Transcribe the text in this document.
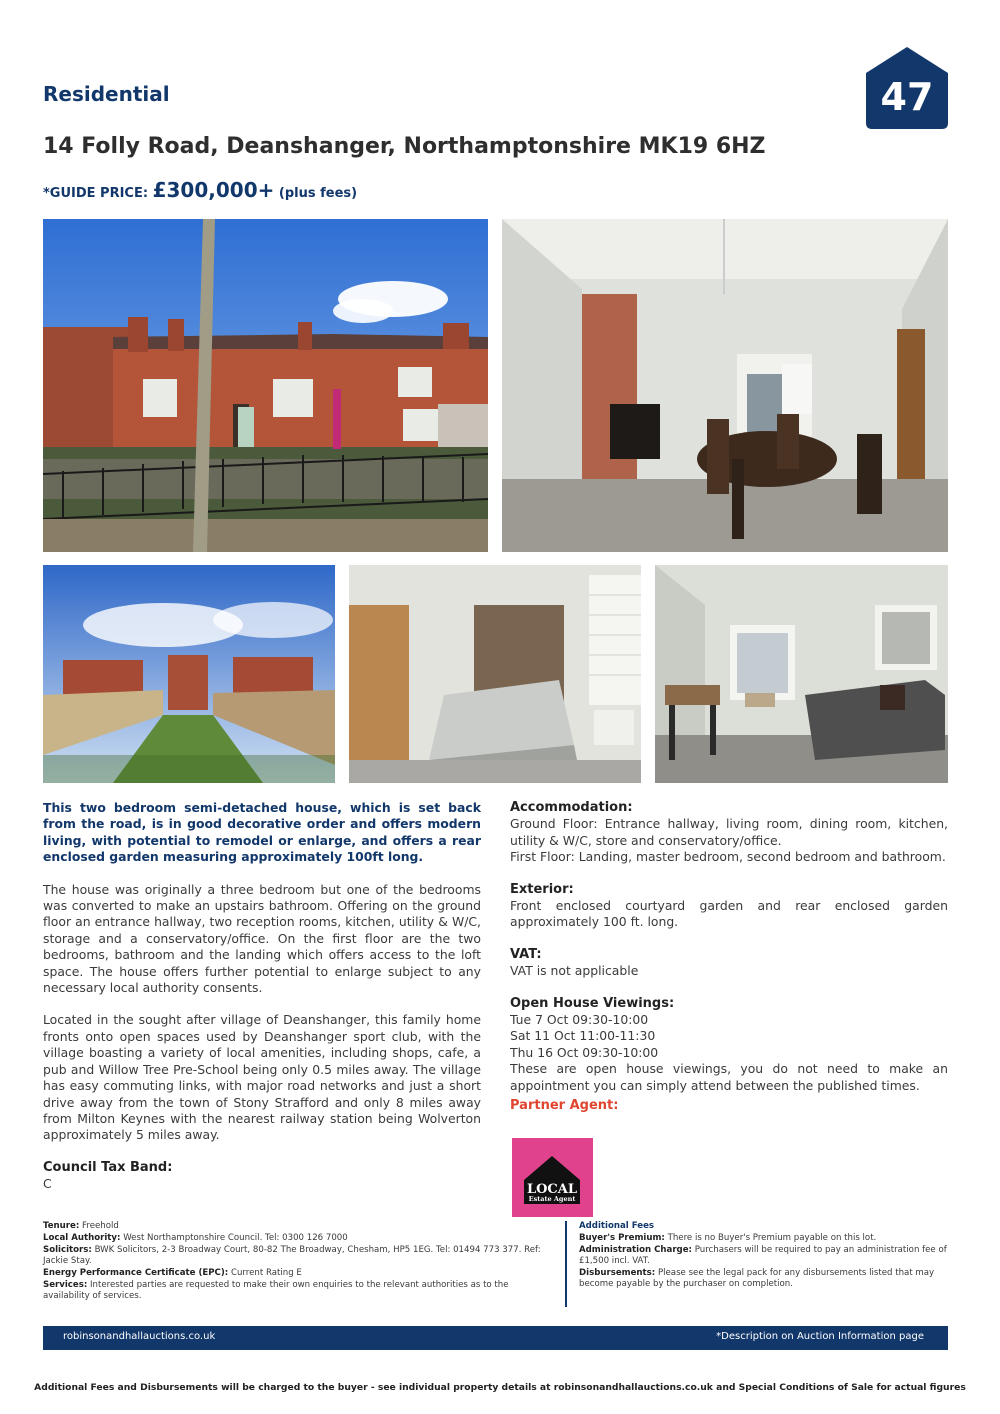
Residential	47
14 Folly Road, Deanshanger, Northamptonshire MK19 6HZ
*GUIDE PRICE: £300,000+ (plus fees)

This two bedroom semi-detached house, which is set back from the road, is in good decorative order and offers modern living, with potential to remodel or enlarge, and offers a rear enclosed garden measuring approximately 100ft long.

The house was originally a three bedroom but one of the bedrooms was converted to make an upstairs bathroom. Offering on the ground floor an entrance hallway, two reception rooms, kitchen, utility & W/C, storage and a conservatory/office. On the first floor are the two bedrooms, bathroom and the landing which offers access to the loft space. The house offers further potential to enlarge subject to any necessary local authority consents.

Located in the sought after village of Deanshanger, this family home fronts onto open spaces used by Deanshanger sport club, with the village boasting a variety of local amenities, including shops, cafe, a pub and Willow Tree Pre-School being only 0.5 miles away. The village has easy commuting links, with major road networks and just a short drive away from the town of Stony Strafford and only 8 miles away from Milton Keynes with the nearest railway station being Wolverton approximately 5 miles away.

Council Tax Band:
C
Accommodation:

Ground Floor: Entrance hallway, living room, dining room, kitchen, utility & W/C, store and conservatory/office.

First Floor: Landing, master bedroom, second bedroom and bathroom.

Exterior:

Front enclosed courtyard garden and rear enclosed garden approximately 100 ft. long.

VAT:

VAT is not applicable

Open House Viewings:
Tue 7 Oct 09:30-10:00
Sat 11 Oct 11:00-11:30
Thu 16 Oct 09:30-10:00

These are open house viewings, you do not need to make an appointment you can simply attend between the published times.

Partner Agent:
LOCAL
Estate Agent

Tenure: Freehold

Local Authority: West Northamptonshire Council. Tel: 0300 126 7000

Solicitors: BWK Solicitors, 2-3 Broadway Court, 80-82 The Broadway, Chesham, HP5 1EG. Tel: 01494 773 377. Ref: Jackie Stay.

Energy Performance Certificate (EPC): Current Rating E

Services: Interested parties are requested to make their own enquiries to the relevant authorities as to the availability of services.

Additional Fees

Buyer's Premium: There is no Buyer's Premium payable on this lot.

Administration Charge: Purchasers will be required to pay an administration fee of £1,500 incl. VAT.

Disbursements: Please see the legal pack for any disbursements listed that may become payable by the purchaser on completion.

robinsonandhallauctions.co.uk	*Description on Auction Information page
Additional Fees and Disbursements will be charged to the buyer - see individual property details at robinsonandhallauctions.co.uk and Special Conditions of Sale for actual figures
